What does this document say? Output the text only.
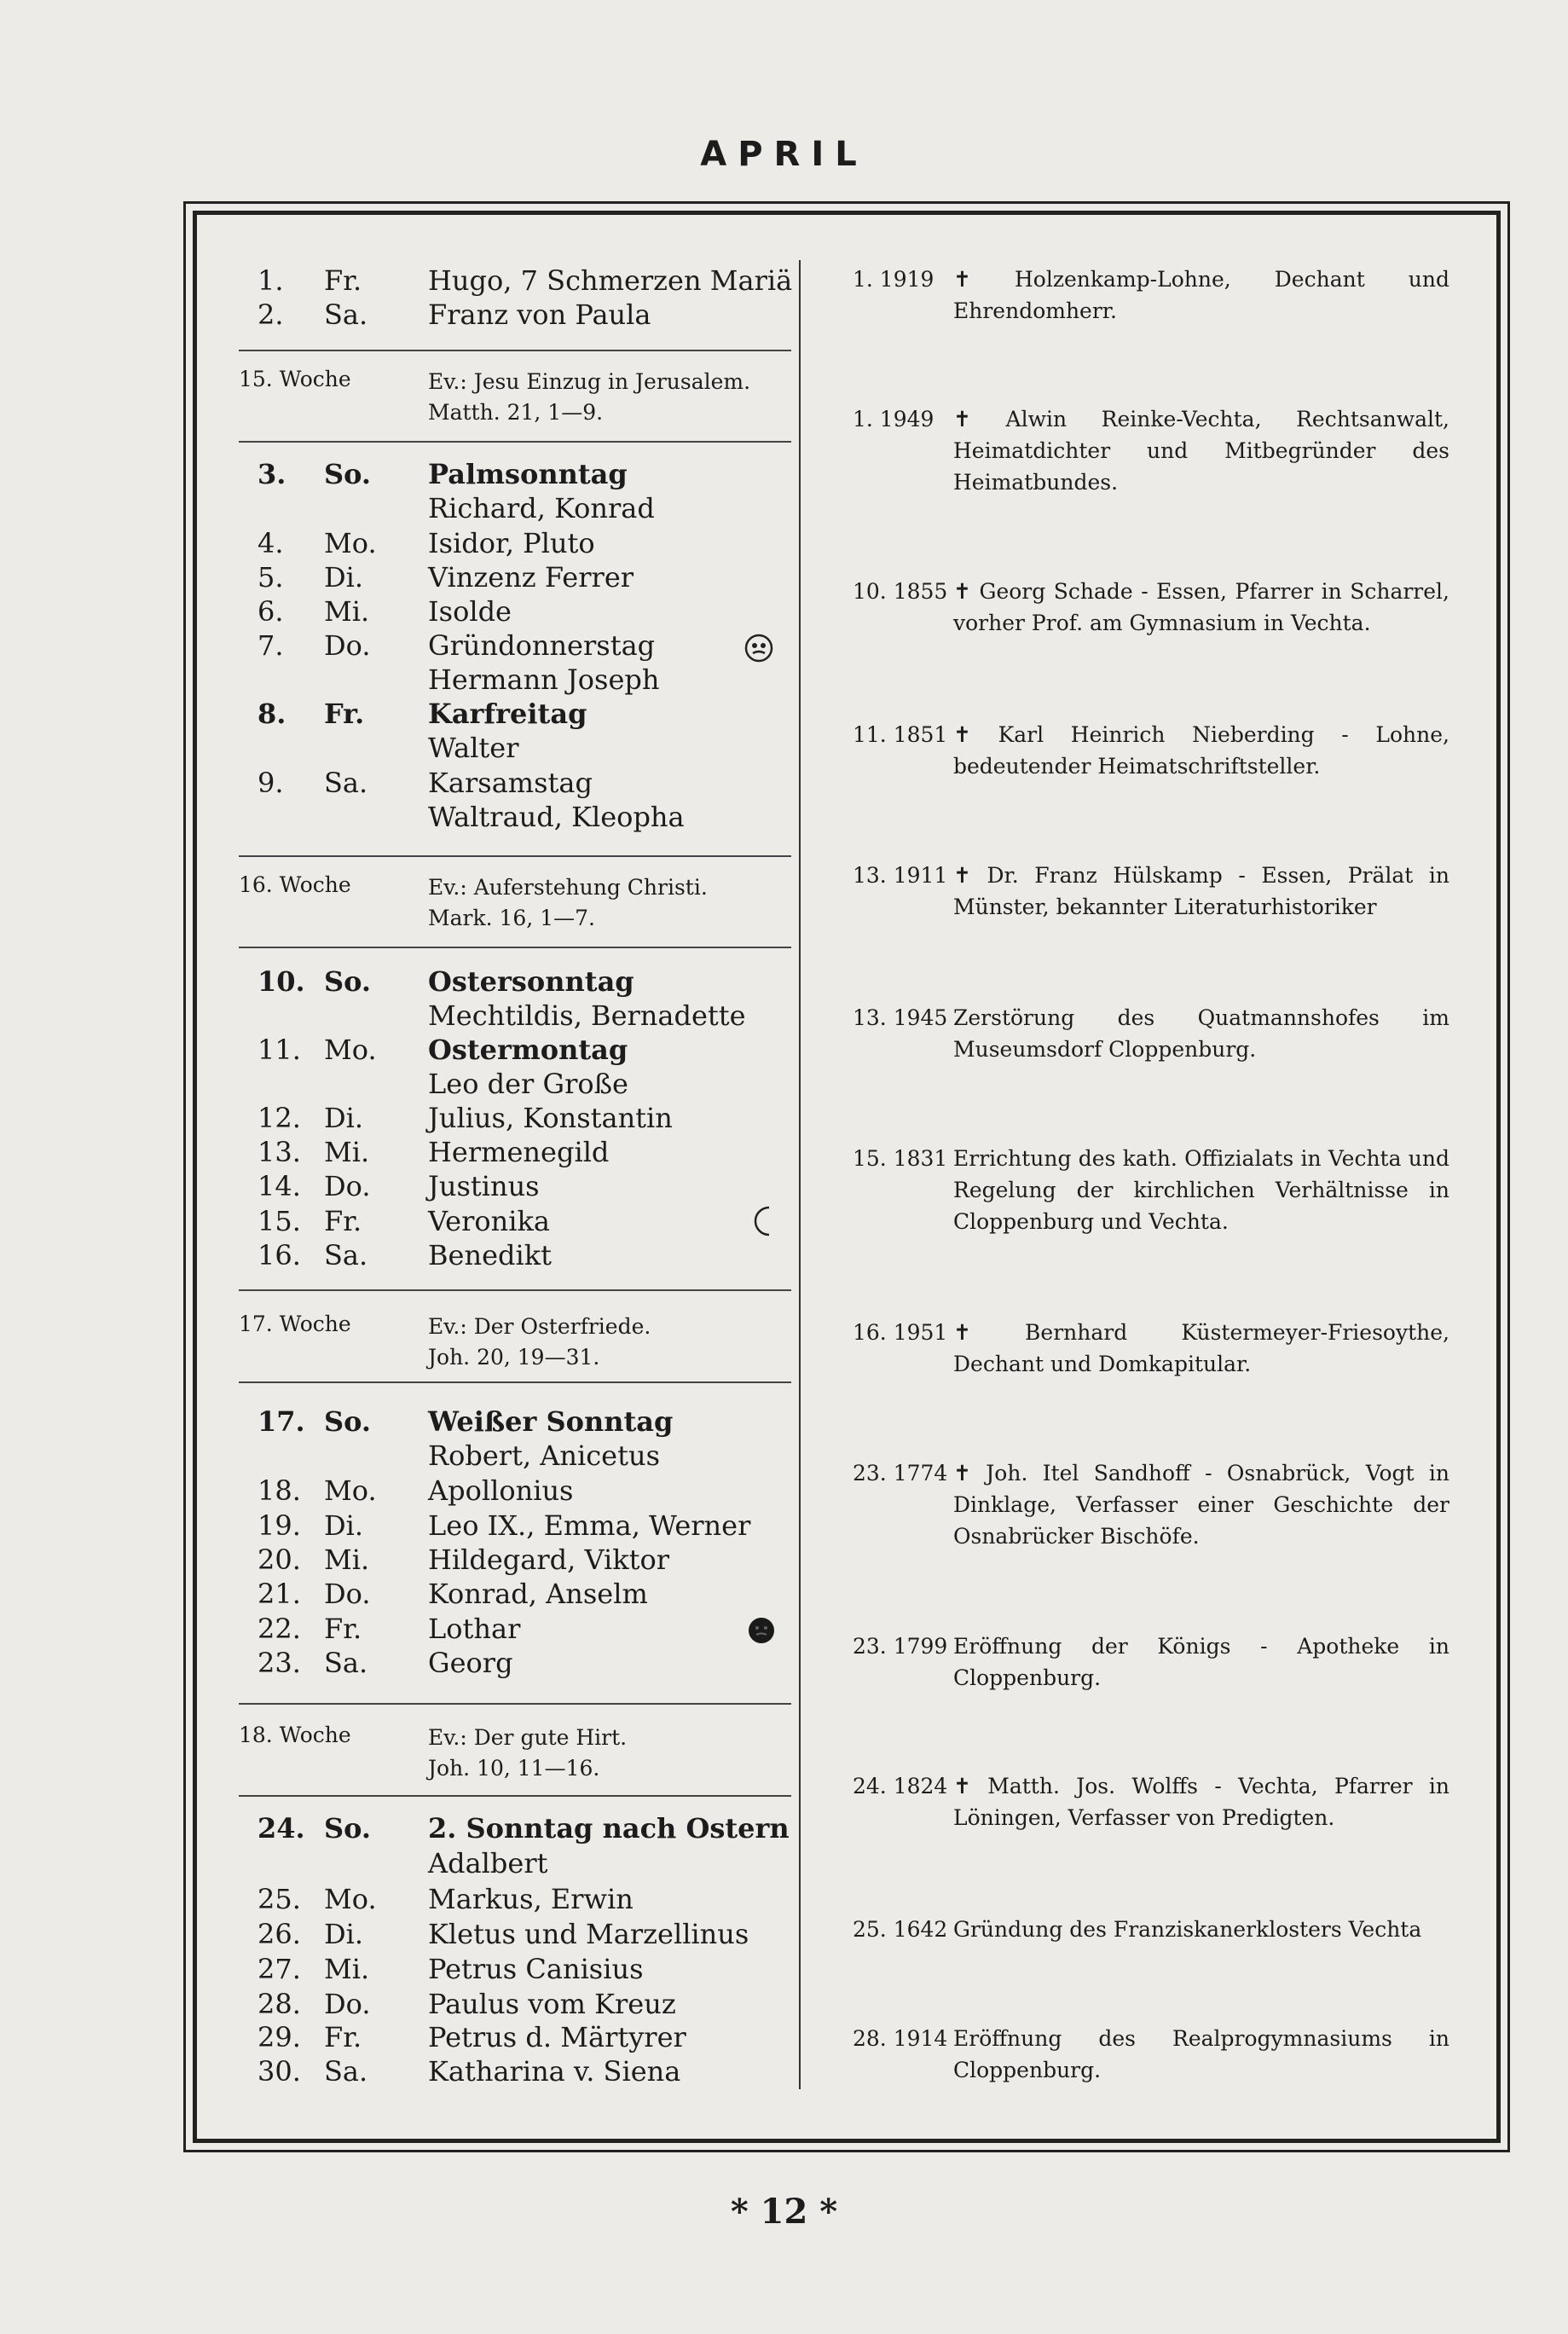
APRIL
1.	Fr. Hugo, 7 Schmerzen Mariä
2.	Sa. Franz von Paula
15. Woche	Ev.: Jesu Einzug in Jerusalem.
Matth. 21, 1—9.
3.	So. Palmsonntag
Richard, Konrad
4.	Mo. Isidor, Pluto
5.	Di. Vinzenz Ferrer
6.	Mi. Isolde
7.	Do. Gründonnerstag
Hermann Joseph
8.	Fr. Karfreitag
Walter
9.	Sa. Karsamstag
Waltraud, Kleopha
16. Woche	Ev.: Auferstehung Christi.
Mark. 16, 1—7.
10. So. Ostersonntag
Mechtildis, Bernadette
11. Mo. Ostermontag
Leo der Große
12. Di. Julius, Konstantin
13. Mi. Hermenegild
14. Do. Justinus
15. Fr. Veronika
16. Sa. Benedikt
17. Woche	Ev.: Der Osterfriede.
Joh. 20, 19—31.
17. So. Weißer Sonntag
Robert, Anicetus
18. Mo. Apollonius
19. Di. Leo IX., Emma, Werner
20. Mi. Hildegard, Viktor
21. Do. Konrad, Anselm
22. Fr. Lothar
23. Sa. Georg
18. Woche	Ev.: Der gute Hirt.
Joh. 10, 11—16.
24. So. 2. Sonntag nach Ostern
Adalbert
25. Mo. Markus, Erwin
26. Di. Kletus und Marzellinus
27. Mi. Petrus Canisius
28. Do. Paulus vom Kreuz
29. Fr. Petrus d. Märtyrer
30. Sa. Katharina v. Siena
1. 1919 ✝ Holzenkamp-Lohne, Dechant und Ehrendomherr.
1. 1949 ✝ Alwin Reinke-Vechta, Rechtsanwalt, Heimatdichter und Mitbegründer des Heimatbundes.
10. 1855 ✝ Georg Schade - Essen, Pfarrer in Scharrel, vorher Prof. am Gymnasium in Vechta.
11. 1851 ✝ Karl Heinrich Nieberding - Lohne, bedeutender Heimatschriftsteller.
13. 1911 ✝ Dr. Franz Hülskamp - Essen, Prälat in Münster, bekannter Literaturhistoriker
13. 1945 Zerstörung des Quatmannshofes im Museumsdorf Cloppenburg.
15. 1831 Errichtung des kath. Offizialats in Vechta und Regelung der kirchlichen Verhältnisse in Cloppenburg und Vechta.
16. 1951 ✝ Bernhard Küstermeyer-Friesoythe, Dechant und Domkapitular.
23. 1774 ✝ Joh. Itel Sandhoff - Osnabrück, Vogt in Dinklage, Verfasser einer Geschichte der Osnabrücker Bischöfe.
23. 1799 Eröffnung der Königs - Apotheke in Cloppenburg.
24. 1824 ✝ Matth. Jos. Wolffs - Vechta, Pfarrer in Löningen, Verfasser von Predigten.
25. 1642 Gründung des Franziskanerklosters Vechta
28. 1914 Eröffnung des Realprogymnasiums in Cloppenburg.
* 12 *
